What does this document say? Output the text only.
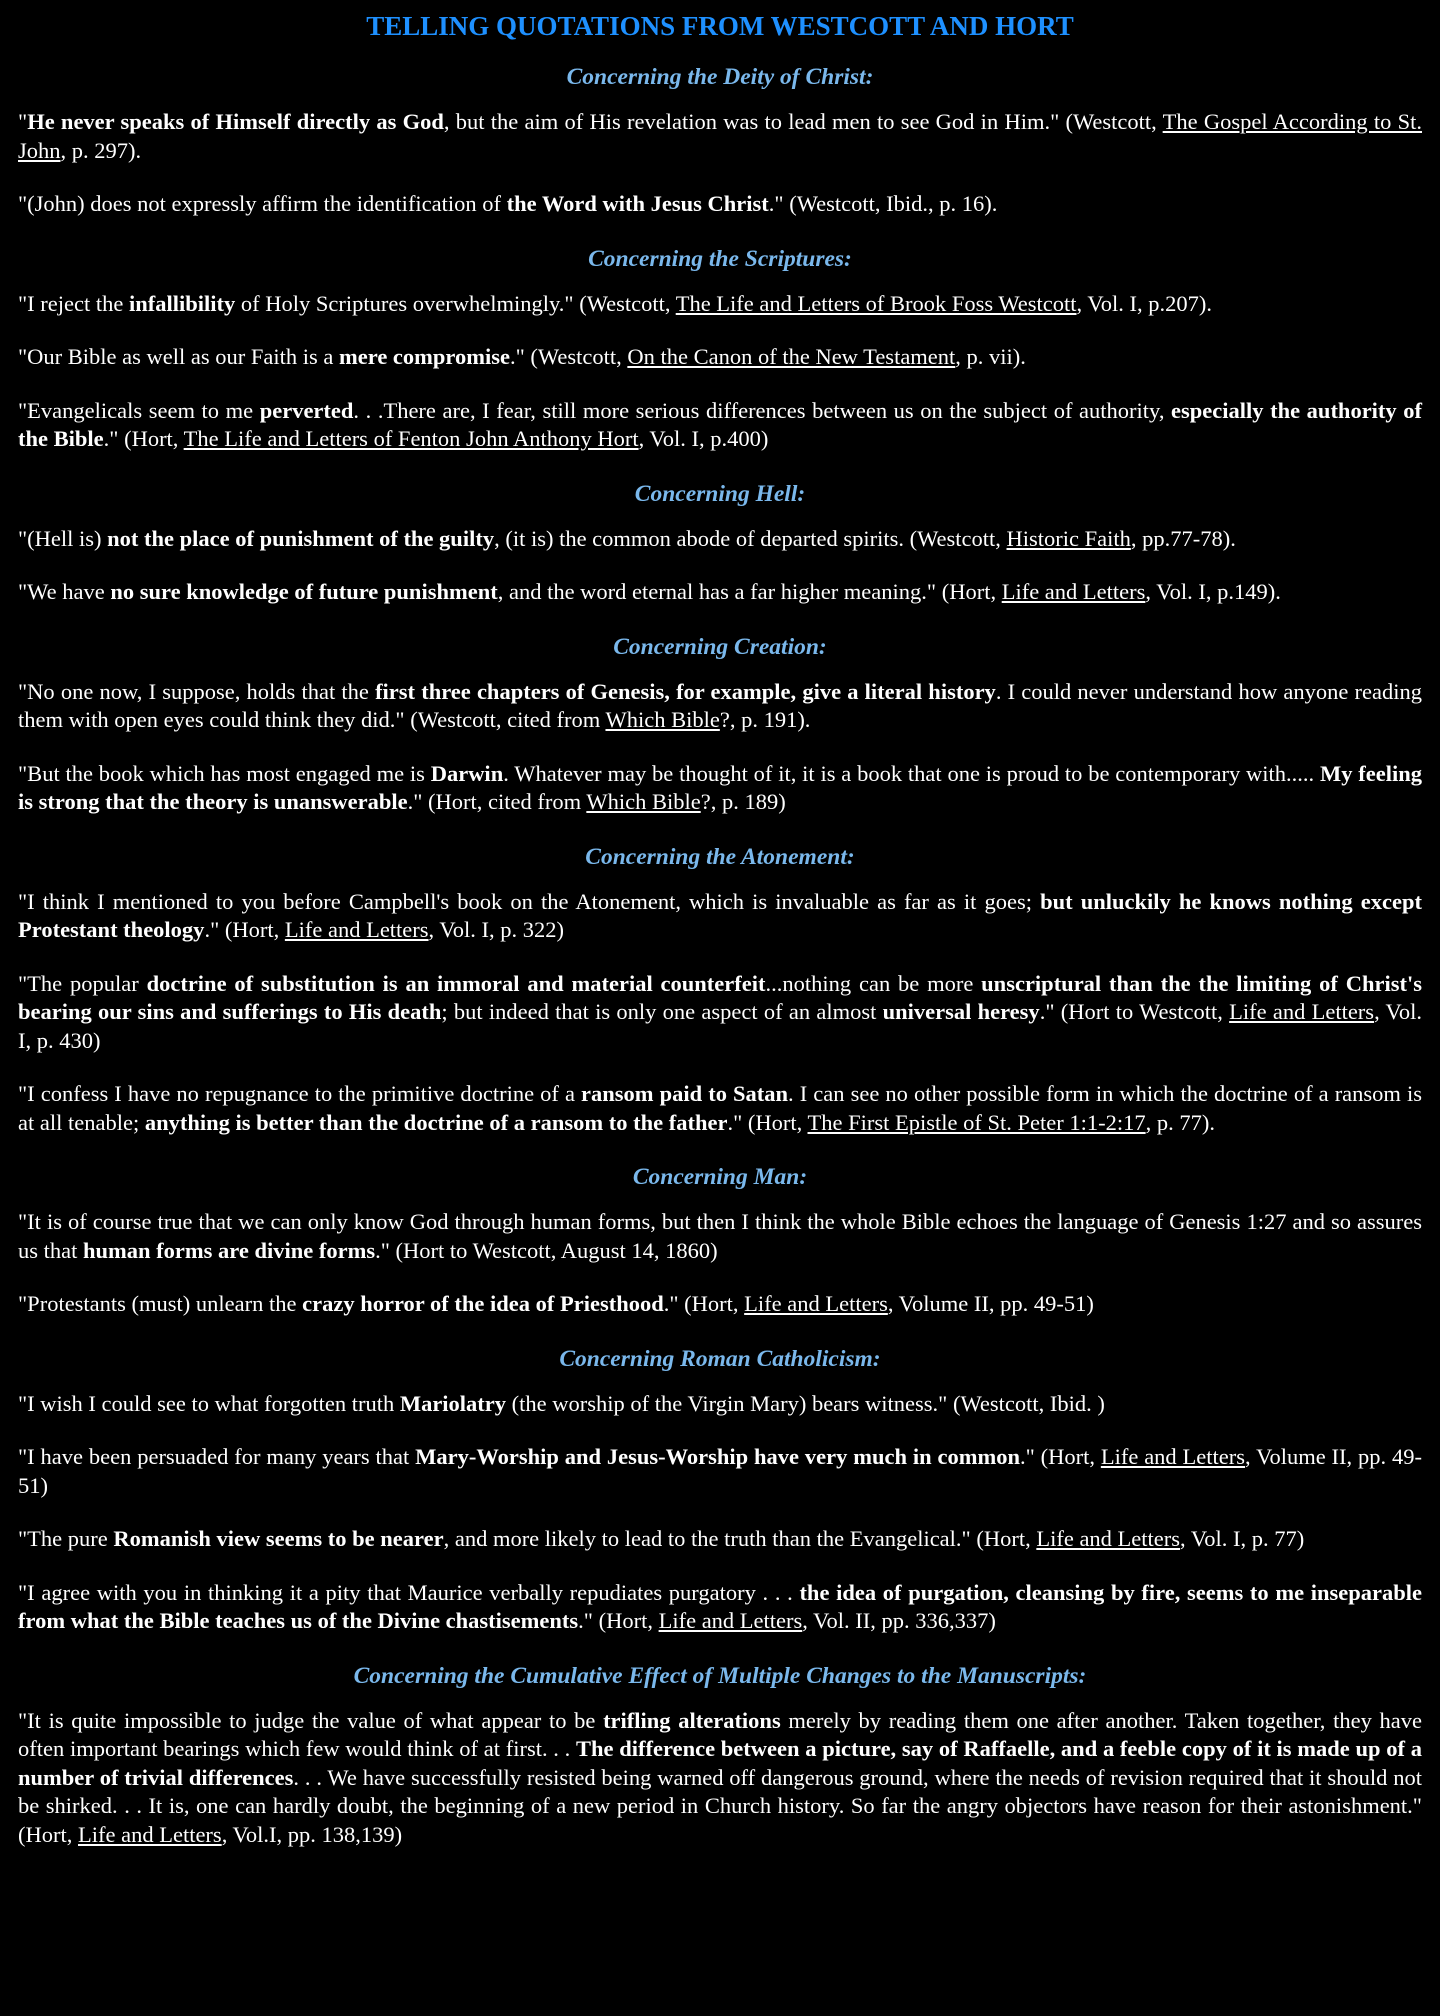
TELLING QUOTATIONS FROM WESTCOTT AND HORT
Concerning the Deity of Christ:

"He never speaks of Himself directly as God, but the aim of His revelation was to lead men to see God in Him." (Westcott, The Gospel According to St. John, p. 297).

"(John) does not expressly affirm the identification of the Word with Jesus Christ." (Westcott, Ibid., p. 16).

Concerning the Scriptures:

"I reject the infallibility of Holy Scriptures overwhelmingly." (Westcott, The Life and Letters of Brook Foss Westcott, Vol. I, p.207).

"Our Bible as well as our Faith is a mere compromise." (Westcott, On the Canon of the New Testament, p. vii).

"Evangelicals seem to me perverted. . .There are, I fear, still more serious differences between us on the subject of authority, especially the authority of the Bible." (Hort, The Life and Letters of Fenton John Anthony Hort, Vol. I, p.400)

Concerning Hell:

"(Hell is) not the place of punishment of the guilty, (it is) the common abode of departed spirits. (Westcott, Historic Faith, pp.77-78).

"We have no sure knowledge of future punishment, and the word eternal has a far higher meaning." (Hort, Life and Letters, Vol. I, p.149).

Concerning Creation:

"No one now, I suppose, holds that the first three chapters of Genesis, for example, give a literal history. I could never understand how anyone reading them with open eyes could think they did." (Westcott, cited from Which Bible?, p. 191).

"But the book which has most engaged me is Darwin. Whatever may be thought of it, it is a book that one is proud to be contemporary with..... My feeling is strong that the theory is unanswerable." (Hort, cited from Which Bible?, p. 189)

Concerning the Atonement:

"I think I mentioned to you before Campbell's book on the Atonement, which is invaluable as far as it goes; but unluckily he knows nothing except Protestant theology." (Hort, Life and Letters, Vol. I, p. 322)

"The popular doctrine of substitution is an immoral and material counterfeit...nothing can be more unscriptural than the the limiting of Christ's bearing our sins and sufferings to His death; but indeed that is only one aspect of an almost universal heresy." (Hort to Westcott, Life and Letters, Vol. I, p. 430)

"I confess I have no repugnance to the primitive doctrine of a ransom paid to Satan. I can see no other possible form in which the doctrine of a ransom is at all tenable; anything is better than the doctrine of a ransom to the father." (Hort, The First Epistle of St. Peter 1:1-2:17, p. 77).

Concerning Man:

"It is of course true that we can only know God through human forms, but then I think the whole Bible echoes the language of Genesis 1:27 and so assures us that human forms are divine forms." (Hort to Westcott, August 14, 1860)

"Protestants (must) unlearn the crazy horror of the idea of Priesthood." (Hort, Life and Letters, Volume II, pp. 49-51)

Concerning Roman Catholicism:

"I wish I could see to what forgotten truth Mariolatry (the worship of the Virgin Mary) bears witness." (Westcott, Ibid. )

"I have been persuaded for many years that Mary-Worship and Jesus-Worship have very much in common." (Hort, Life and Letters, Volume II, pp. 49-51)

"The pure Romanish view seems to be nearer, and more likely to lead to the truth than the Evangelical." (Hort, Life and Letters, Vol. I, p. 77)

"I agree with you in thinking it a pity that Maurice verbally repudiates purgatory . . . the idea of purgation, cleansing by fire, seems to me inseparable from what the Bible teaches us of the Divine chastisements." (Hort, Life and Letters, Vol. II, pp. 336,337)

Concerning the Cumulative Effect of Multiple Changes to the Manuscripts:

"It is quite impossible to judge the value of what appear to be trifling alterations merely by reading them one after another. Taken together, they have often important bearings which few would think of at first. . . The difference between a picture, say of Raffaelle, and a feeble copy of it is made up of a number of trivial differences. . . We have successfully resisted being warned off dangerous ground, where the needs of revision required that it should not be shirked. . . It is, one can hardly doubt, the beginning of a new period in Church history. So far the angry objectors have reason for their astonishment." (Hort, Life and Letters, Vol.I, pp. 138,139)
